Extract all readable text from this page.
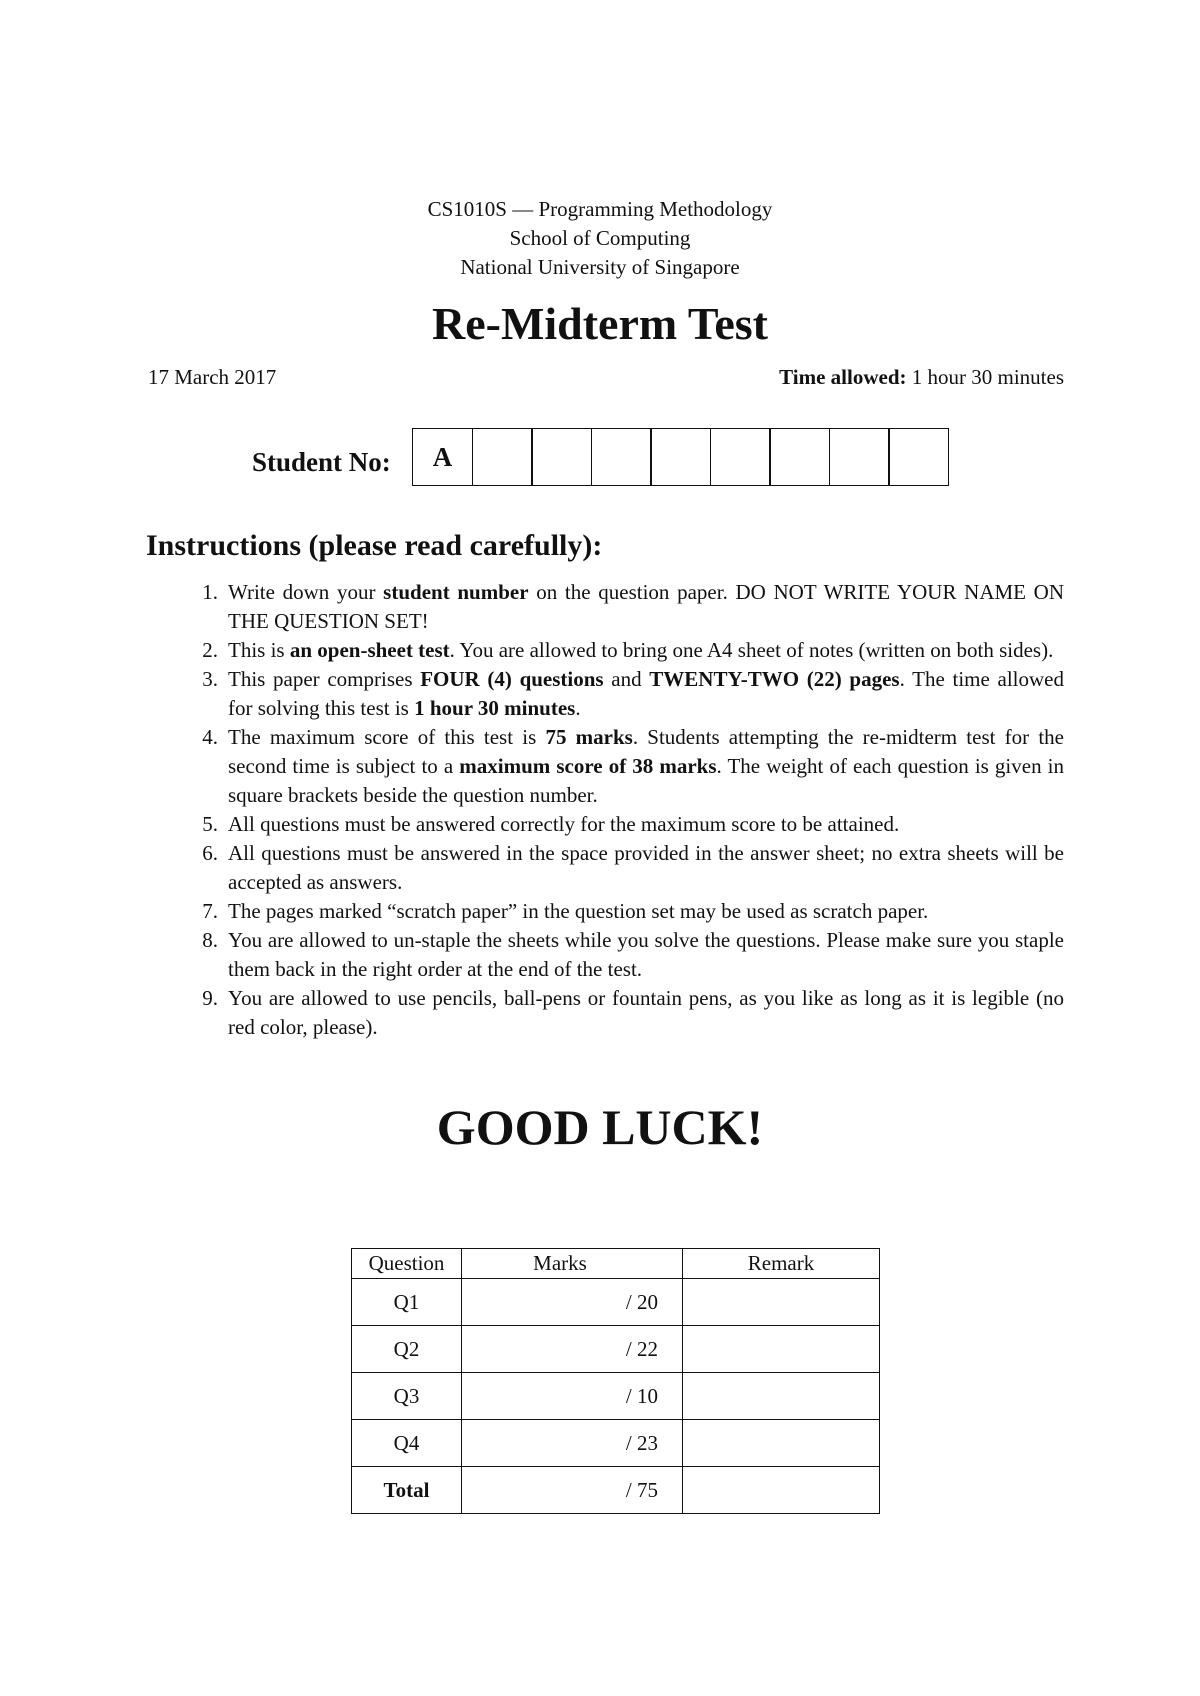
CS1010S — Programming Methodology
School of Computing
National University of Singapore
Re-Midterm Test
17 March 2017	Time allowed: 1 hour 30 minutes
Student No:	A
Instructions (please read carefully):
1. Write down your student number on the question paper. DO NOT WRITE YOUR NAME ON THE QUESTION SET!
2. This is an open-sheet test. You are allowed to bring one A4 sheet of notes (written on both sides).
3. This paper comprises FOUR (4) questions and TWENTY-TWO (22) pages. The time allowed for solving this test is 1 hour 30 minutes.
4. The maximum score of this test is 75 marks. Students attempting the re-midterm test for the second time is subject to a maximum score of 38 marks. The weight of each question is given in square brackets beside the question number.
5. All questions must be answered correctly for the maximum score to be attained.
6. All questions must be answered in the space provided in the answer sheet; no extra sheets will be accepted as answers.
7. The pages marked “scratch paper” in the question set may be used as scratch paper.
8. You are allowed to un-staple the sheets while you solve the questions. Please make sure you staple them back in the right order at the end of the test.
9. You are allowed to use pencils, ball-pens or fountain pens, as you like as long as it is legible (no red color, please).
GOOD LUCK!
Question	Marks	Remark
Q1	/ 20	
Q2	/ 22	
Q3	/ 10	
Q4	/ 23	
Total	/ 75	
